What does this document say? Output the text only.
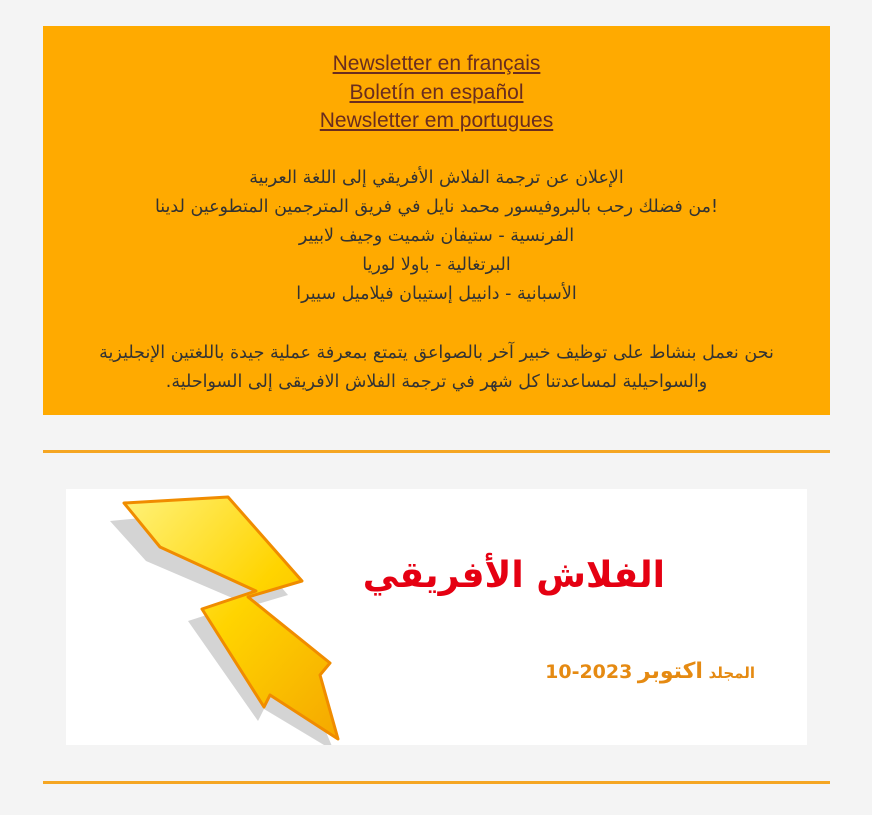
Newsletter en français
Boletín en español
Newsletter em portugues

الإعلان عن ترجمة الفلاش الأفريقي إلى اللغة العربية

!من فضلك رحب بالبروفيسور محمد نايل في فريق المترجمين المتطوعين لدينا

الفرنسية - ستيفان شميت وجيف لابيير

البرتغالية - باولا لوريا

الأسبانية - دانييل إستيبان فيلاميل سييرا

نحن نعمل بنشاط على توظيف خبير آخر بالصواعق يتمتع بمعرفة عملية جيدة باللغتين الإنجليزية والسواحيلية لمساعدتنا كل شهر في ترجمة الفلاش الافريقى إلى السواحلية.

الفلاش الأفريقي
المجلد اكتوبر 2023-10
